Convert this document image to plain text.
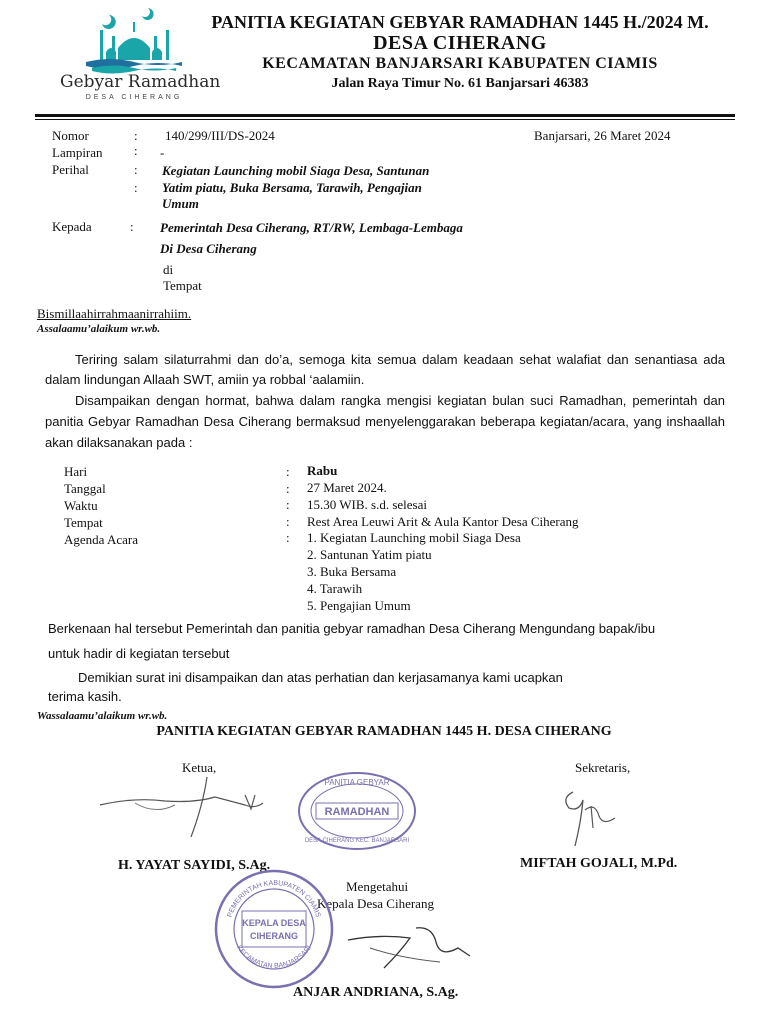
Gebyar Ramadhan
DESA CIHERANG
PANITIA KEGIATAN GEBYAR RAMADHAN 1445 H./2024 M.
DESA CIHERANG
KECAMATAN BANJARSARI KABUPATEN CIAMIS
Jalan Raya Timur No. 61 Banjarsari 46383
Nomor	: 140/299/III/DS-2024	Banjarsari, 26 Maret 2024
Lampiran : -
Perihal	: Kegiatan Launching mobil Siaga Desa, Santunan
: Yatim piatu, Buka Bersama, Tarawih, Pengajian
Umum
Kepada	: Pemerintah Desa Ciherang, RT/RW, Lembaga-Lembaga
Di Desa Ciherang
di
Tempat
Bismillaahirrahmaanirrahiim.
Assalaamu’alaikum wr.wb.
Teriring salam silaturrahmi dan do’a, semoga kita semua dalam keadaan sehat walafiat dan senantiasa ada dalam lindungan Allaah SWT, amiin ya robbal ‘aalamiin.
Disampaikan dengan hormat, bahwa dalam rangka mengisi kegiatan bulan suci Ramadhan, pemerintah dan panitia Gebyar Ramadhan Desa Ciherang bermaksud menyelenggarakan beberapa kegiatan/acara, yang inshaallah akan dilaksanakan pada :
Hari	: Rabu
Tanggal	: 27 Maret 2024.
Waktu	: 15.30 WIB. s.d. selesai
Tempat	: Rest Area Leuwi Arit & Aula Kantor Desa Ciherang
Agenda Acara	: 1. Kegiatan Launching mobil Siaga Desa
2. Santunan Yatim piatu
3. Buka Bersama
4. Tarawih
5. Pengajian Umum
Berkenaan hal tersebut Pemerintah dan panitia gebyar ramadhan Desa Ciherang Mengundang bapak/ibu
untuk hadir di kegiatan tersebut
Demikian surat ini disampaikan dan atas perhatian dan kerjasamanya kami ucapkan
terima kasih.
Wassalaamu’alaikum wr.wb.
PANITIA KEGIATAN GEBYAR RAMADHAN 1445 H. DESA CIHERANG
Ketua,	Sekretaris,
PANITIA GEBYAR
RAMADHAN
DESA CIHERANG KEC. BANJARSARI
H. YAYAT SAYIDI, S.Ag.	MIFTAH GOJALI, M.Pd.
Mengetahui
Kepala Desa Ciherang
PEMERINTAH KABUPATEN CIAMIS
KEPALA DESA
CIHERANG
KECAMATAN BANJARSARI
ANJAR ANDRIANA, S.Ag.
